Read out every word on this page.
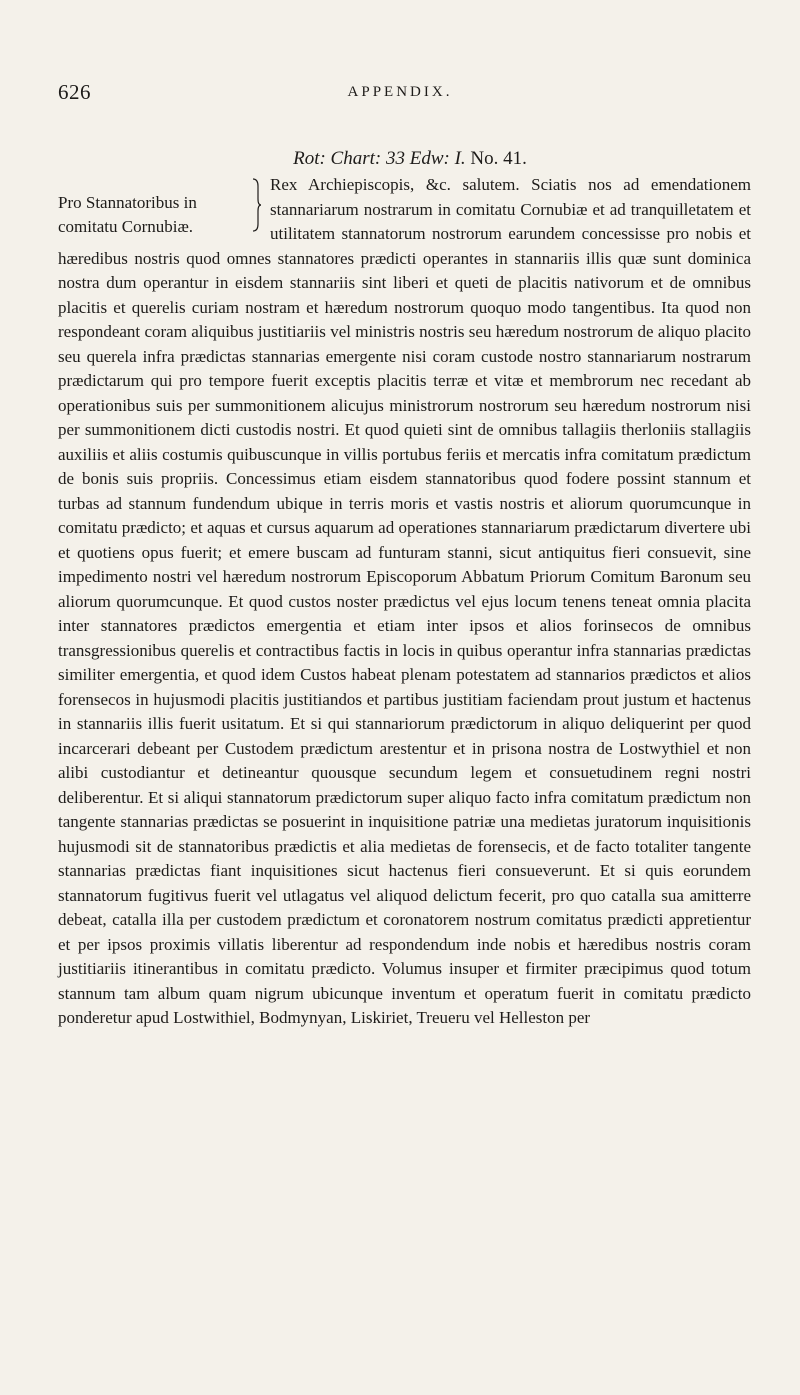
626	APPENDIX.
Rot: Chart: 33 Edw: I. No. 41.
Pro Stannatoribus in comitatu Cornubiæ.

Rex Archiepiscopis, &c. salutem. Sciatis nos ad emendationem stannariarum nostrarum in comitatu Cornubiæ et ad tranquilletatem et utilitatem stannatorum nostrorum earundem concessisse pro nobis et hæredibus nostris quod omnes stannatores prædicti operantes in stannariis illis quæ sunt dominica nostra dum operantur in eisdem stannariis sint liberi et queti de placitis nativorum et de omnibus placitis et querelis curiam nostram et hæredum nostrorum quoquo modo tangentibus. Ita quod non respondeant coram aliquibus justitiariis vel ministris nostris seu hæredum nostrorum de aliquo placito seu querela infra prædictas stannarias emergente nisi coram custode nostro stannariarum nostrarum prædictarum qui pro tempore fuerit exceptis placitis terræ et vitæ et membrorum nec recedant ab operationibus suis per summonitionem alicujus ministrorum nostrorum seu hæredum nostrorum nisi per summonitionem dicti custodis nostri. Et quod quieti sint de omnibus tallagiis therloniis stallagiis auxiliis et aliis costumis quibuscunque in villis portubus feriis et mercatis infra comitatum prædictum de bonis suis propriis. Concessimus etiam eisdem stannatoribus quod fodere possint stannum et turbas ad stannum fundendum ubique in terris moris et vastis nostris et aliorum quorumcunque in comitatu prædicto; et aquas et cursus aquarum ad operationes stannariarum prædictarum divertere ubi et quotiens opus fuerit; et emere buscam ad funturam stanni, sicut antiquitus fieri consuevit, sine impedimento nostri vel hæredum nostrorum Episcoporum Abbatum Priorum Comitum Baronum seu aliorum quorumcunque. Et quod custos noster prædictus vel ejus locum tenens teneat omnia placita inter stannatores prædictos emergentia et etiam inter ipsos et alios forinsecos de omnibus transgressionibus querelis et contractibus factis in locis in quibus operantur infra stannarias prædictas similiter emergentia, et quod idem Custos habeat plenam potestatem ad stannarios prædictos et alios forensecos in hujusmodi placitis justitiandos et partibus justitiam faciendam prout justum et hactenus in stannariis illis fuerit usitatum. Et si qui stannariorum prædictorum in aliquo deliquerint per quod incarcerari debeant per Custodem prædictum arestentur et in prisona nostra de Lostwythiel et non alibi custodiantur et detineantur quousque secundum legem et consuetudinem regni nostri deliberentur. Et si aliqui stannatorum prædictorum super aliquo facto infra comitatum prædictum non tangente stannarias prædictas se posuerint in inquisitione patriæ una medietas juratorum inquisitionis hujusmodi sit de stannatoribus prædictis et alia medietas de forensecis, et de facto totaliter tangente stannarias prædictas fiant inquisitiones sicut hactenus fieri consueverunt. Et si quis eorundem stannatorum fugitivus fuerit vel utlagatus vel aliquod delictum fecerit, pro quo catalla sua amitterre debeat, catalla illa per custodem prædictum et coronatorem nostrum comitatus prædicti appretientur et per ipsos proximis villatis liberentur ad respondendum inde nobis et hæredibus nostris coram justitiariis itinerantibus in comitatu prædicto. Volumus insuper et firmiter præcipimus quod totum stannum tam album quam nigrum ubicunque inventum et operatum fuerit in comitatu prædicto ponderetur apud Lostwithiel, Bodmynyan, Liskiriet, Treueru vel Helleston per
